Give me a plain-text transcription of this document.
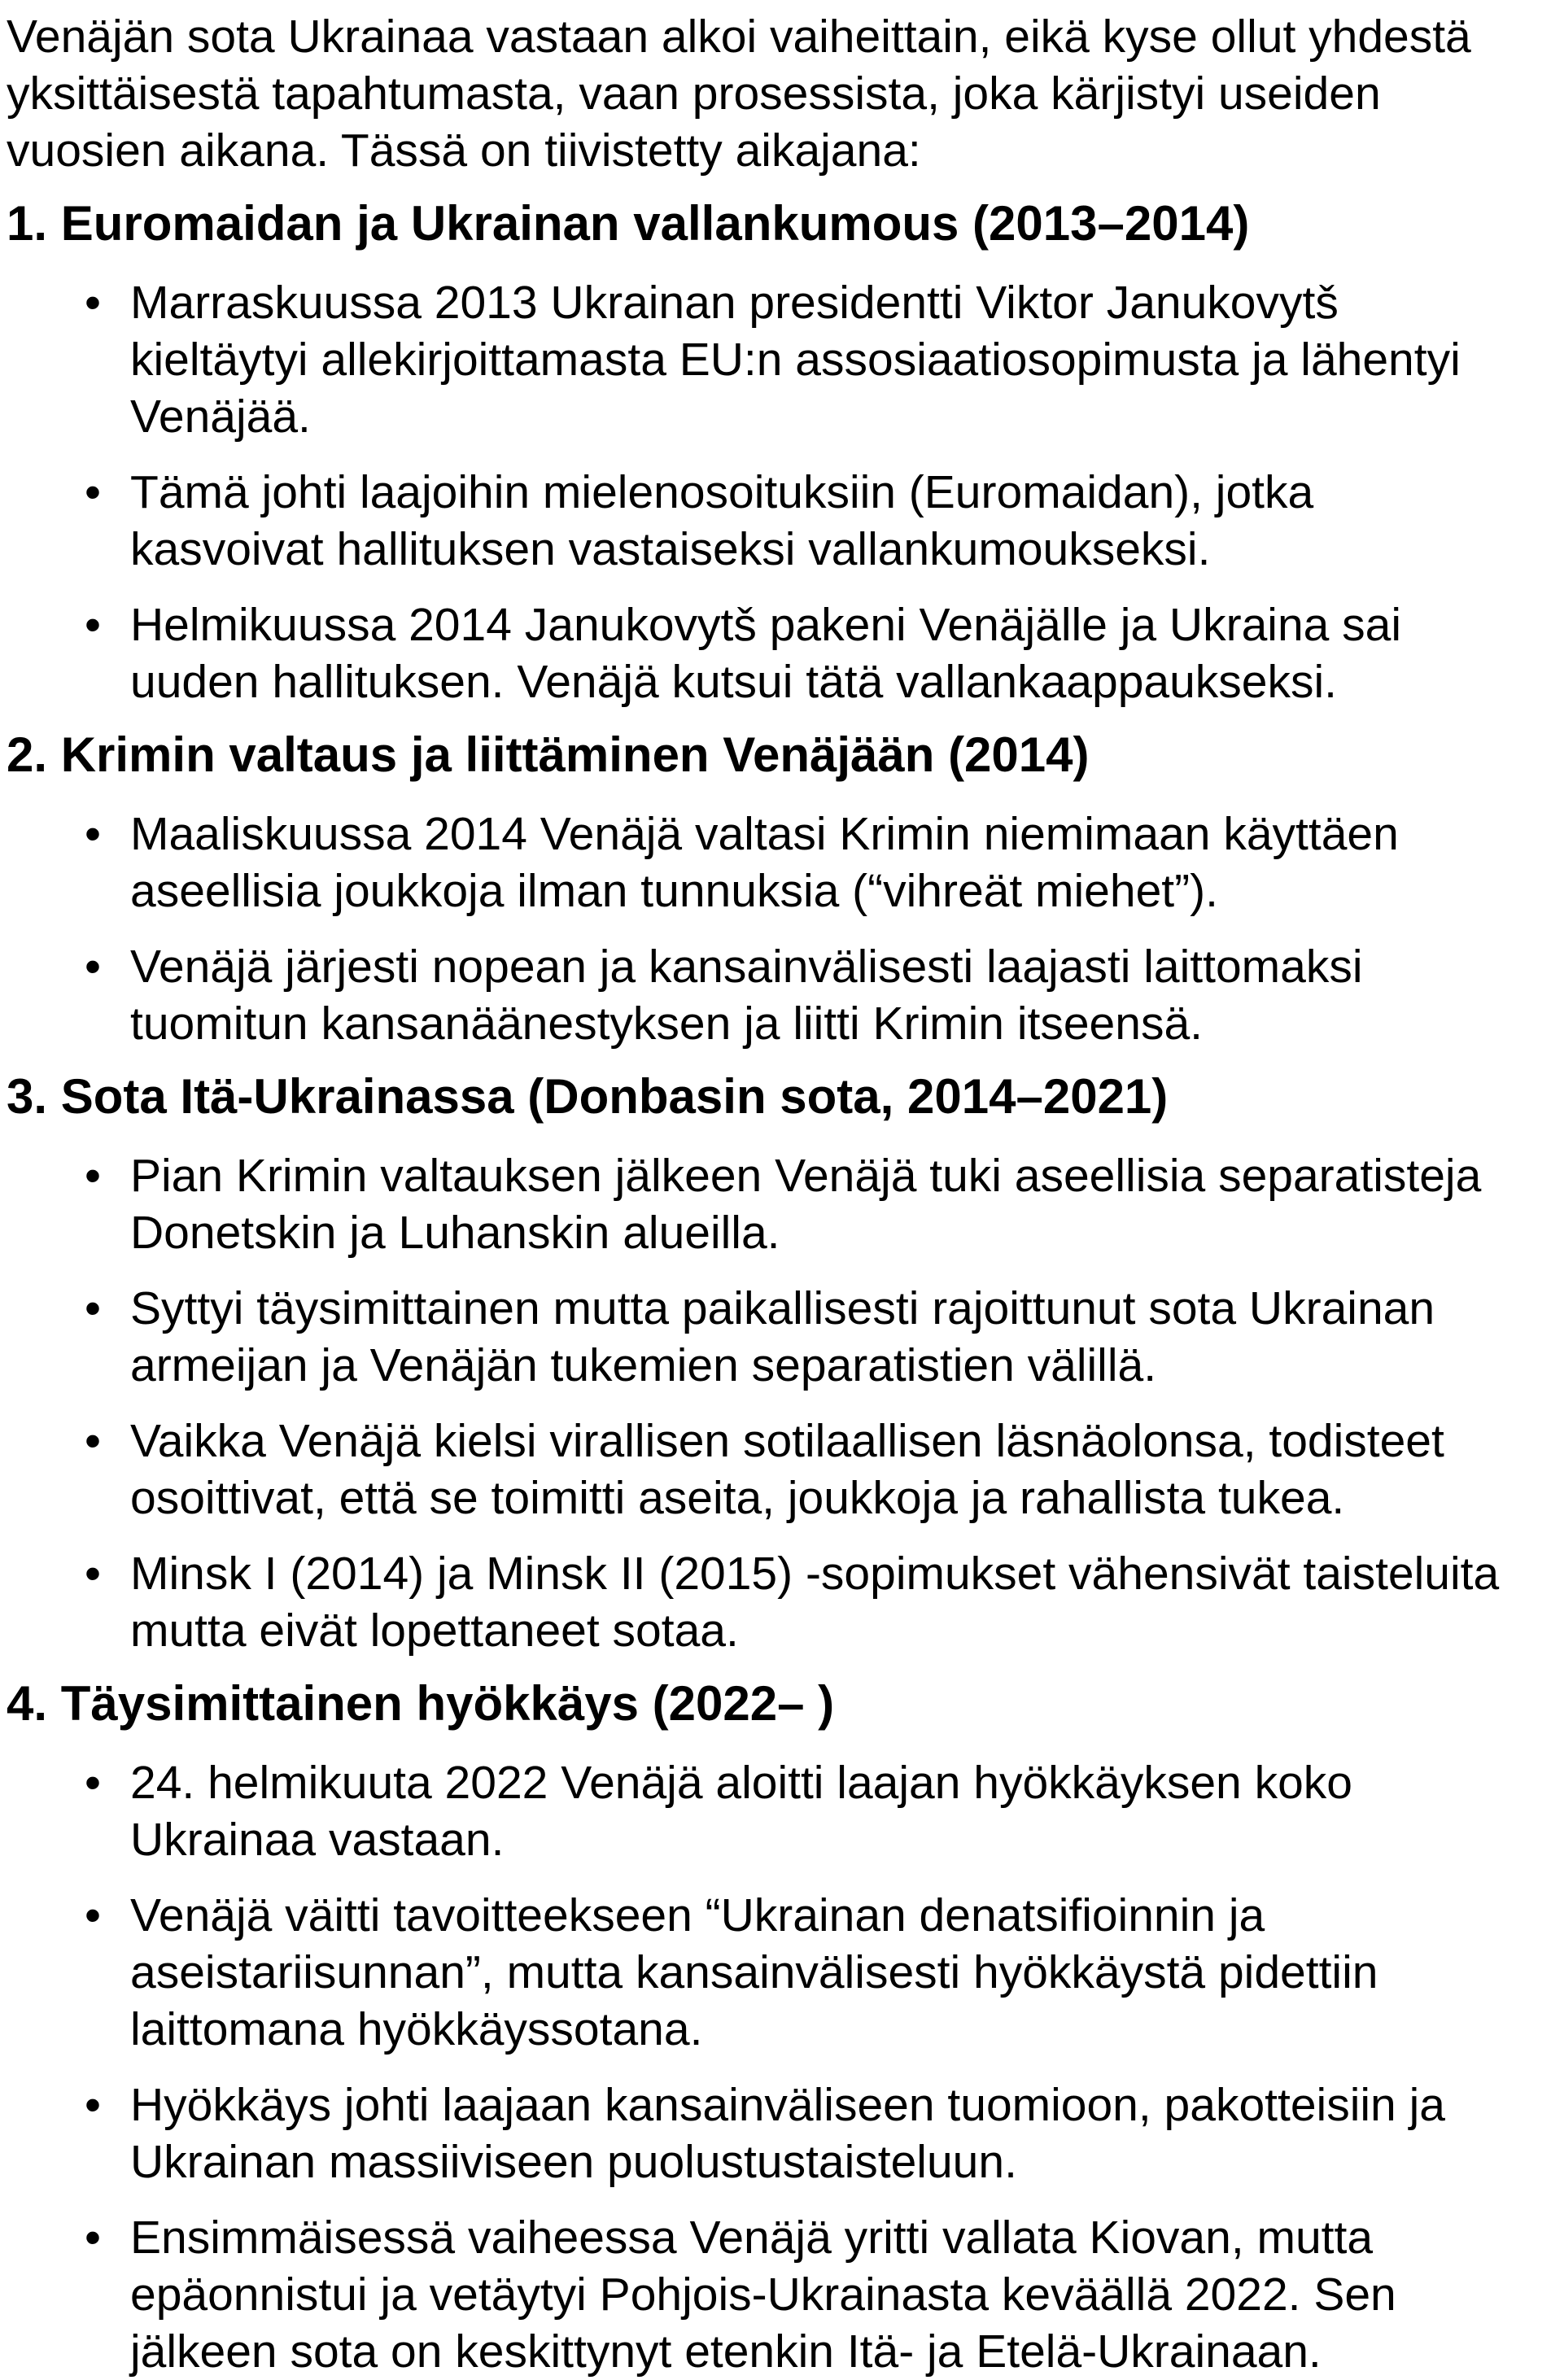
Venäjän sota Ukrainaa vastaan alkoi vaiheittain, eikä kyse ollut yhdestä yksittäisestä tapahtumasta, vaan prosessista, joka kärjistyi useiden vuosien aikana. Tässä on tiivistetty aikajana:

1. Euromaidan ja Ukrainan vallankumous (2013–2014)
• Marraskuussa 2013 Ukrainan presidentti Viktor Janukovytš kieltäytyi allekirjoittamasta EU:n assosiaatiosopimusta ja lähentyi Venäjää.
• Tämä johti laajoihin mielenosoituksiin (Euromaidan), jotka kasvoivat hallituksen vastaiseksi vallankumoukseksi.
• Helmikuussa 2014 Janukovytš pakeni Venäjälle ja Ukraina sai uuden hallituksen. Venäjä kutsui tätä vallankaappaukseksi.
2. Krimin valtaus ja liittäminen Venäjään (2014)
• Maaliskuussa 2014 Venäjä valtasi Krimin niemimaan käyttäen aseellisia joukkoja ilman tunnuksia (“vihreät miehet”).
• Venäjä järjesti nopean ja kansainvälisesti laajasti laittomaksi tuomitun kansanäänestyksen ja liitti Krimin itseensä.
3. Sota Itä-Ukrainassa (Donbasin sota, 2014–2021)
• Pian Krimin valtauksen jälkeen Venäjä tuki aseellisia separatisteja Donetskin ja Luhanskin alueilla.
• Syttyi täysimittainen mutta paikallisesti rajoittunut sota Ukrainan armeijan ja Venäjän tukemien separatistien välillä.
• Vaikka Venäjä kielsi virallisen sotilaallisen läsnäolonsa, todisteet osoittivat, että se toimitti aseita, joukkoja ja rahallista tukea.
• Minsk I (2014) ja Minsk II (2015) -sopimukset vähensivät taisteluita mutta eivät lopettaneet sotaa.
4. Täysimittainen hyökkäys (2022– )
• 24. helmikuuta 2022 Venäjä aloitti laajan hyökkäyksen koko Ukrainaa vastaan.
• Venäjä väitti tavoitteekseen “Ukrainan denatsifioinnin ja aseistariisunnan”, mutta kansainvälisesti hyökkäystä pidettiin laittomana hyökkäyssotana.
• Hyökkäys johti laajaan kansainväliseen tuomioon, pakotteisiin ja Ukrainan massiiviseen puolustustaisteluun.
• Ensimmäisessä vaiheessa Venäjä yritti vallata Kiovan, mutta epäonnistui ja vetäytyi Pohjois-Ukrainasta keväällä 2022. Sen jälkeen sota on keskittynyt etenkin Itä- ja Etelä-Ukrainaan.
